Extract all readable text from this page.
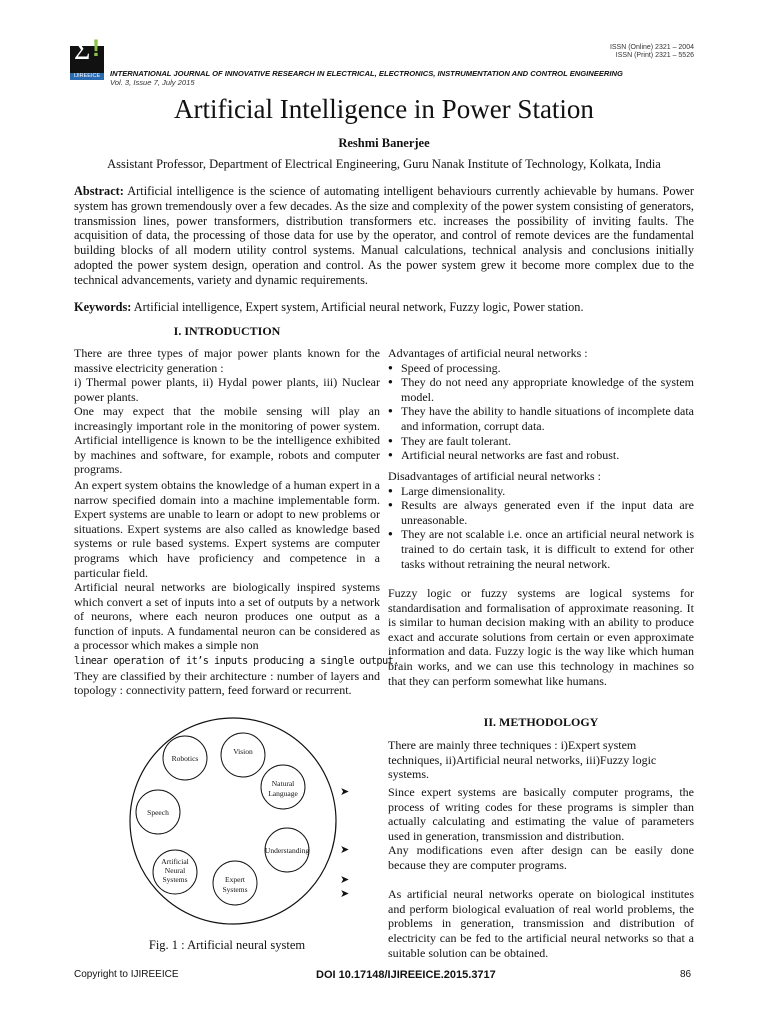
ISSN (Online) 2321 – 2004
ISSN (Print) 2321 – 5526
Σ !
IJIREEICE	INTERNATIONAL JOURNAL OF INNOVATIVE RESEARCH IN ELECTRICAL, ELECTRONICS, INSTRUMENTATION AND CONTROL ENGINEERING
Vol. 3, Issue 7, July 2015
Artificial Intelligence in Power Station
Reshmi Banerjee
Assistant Professor, Department of Electrical Engineering, Guru Nanak Institute of Technology, Kolkata, India
Abstract: Artificial intelligence is the science of automating intelligent behaviours currently achievable by humans. Power system has grown tremendously over a few decades. As the size and complexity of the power system consisting of generators, transmission lines, power transformers, distribution transformers etc. increases the possibility of inviting faults. The acquisition of data, the processing of those data for use by the operator, and control of remote devices are the fundamental building blocks of all modern utility control systems. Manual calculations, technical analysis and conclusions initially adopted the power system design, operation and control. As the power system grew it become more complex due to the technical advancements, variety and dynamic requirements.
Keywords: Artificial intelligence, Expert system, Artificial neural network, Fuzzy logic, Power station.
I. INTRODUCTION
There are three types of major power plants known for the massive electricity generation :
i) Thermal power plants, ii) Hydal power plants, iii) Nuclear power plants.
One may expect that the mobile sensing will play an increasingly important role in the monitoring of power system. Artificial intelligence is known to be the intelligence exhibited by machines and software, for example, robots and computer programs.
An expert system obtains the knowledge of a human expert in a narrow specified domain into a machine implementable form. Expert systems are unable to learn or adopt to new problems or situations. Expert systems are also called as knowledge based systems or rule based systems. Expert systems are computer programs which have proficiency and competence in a particular field.
Artificial neural networks are biologically inspired systems which convert a set of inputs into a set of outputs by a network of neurons, where each neuron produces one output as a function of inputs. A fundamental neuron can be considered as a processor which makes a simple non
linear operation of it’s inputs producing a single output.
They are classified by their architecture : number of layers and topology : connectivity pattern, feed forward or recurrent.
Robotics
Vision
Natural
Language
Speech
Understanding
Artificial
Neural
Systems	Expert
Systems
Fig. 1 : Artificial neural system
Advantages of artificial neural networks :
● Speed of processing.
● They do not need any appropriate knowledge of the system model.
● They have the ability to handle situations of incomplete data and information, corrupt data.
● They are fault tolerant.
● Artificial neural networks are fast and robust.
Disadvantages of artificial neural networks :
● Large dimensionality.
● Results are always generated even if the input data are unreasonable.
● They are not scalable i.e. once an artificial neural network is trained to do certain task, it is difficult to extend for other tasks without retraining the neural network.
Fuzzy logic or fuzzy systems are logical systems for standardisation and formalisation of approximate reasoning. It is similar to human decision making with an ability to produce exact and accurate solutions from certain or even approximate information and data. Fuzzy logic is the way like which human brain works, and we can use this technology in machines so that they can perform somewhat like humans.
II. METHODOLOGY
There are mainly three techniques : i)Expert system techniques, ii)Artificial neural networks, iii)Fuzzy logic systems.
➤	Since expert systems are basically computer programs, the process of writing codes for these programs is simpler than actually calculating and estimating the value of parameters used in generation, transmission and distribution.
➤	Any modifications even after design can be easily done because they are computer programs.
➤
➤	As artificial neural networks operate on biological institutes and perform biological evaluation of real world problems, the problems in generation, transmission and distribution of electricity can be fed to the artificial neural networks so that a suitable solution can be obtained.
Copyright to IJIREEICE	DOI 10.17148/IJIREEICE.2015.3717	86
